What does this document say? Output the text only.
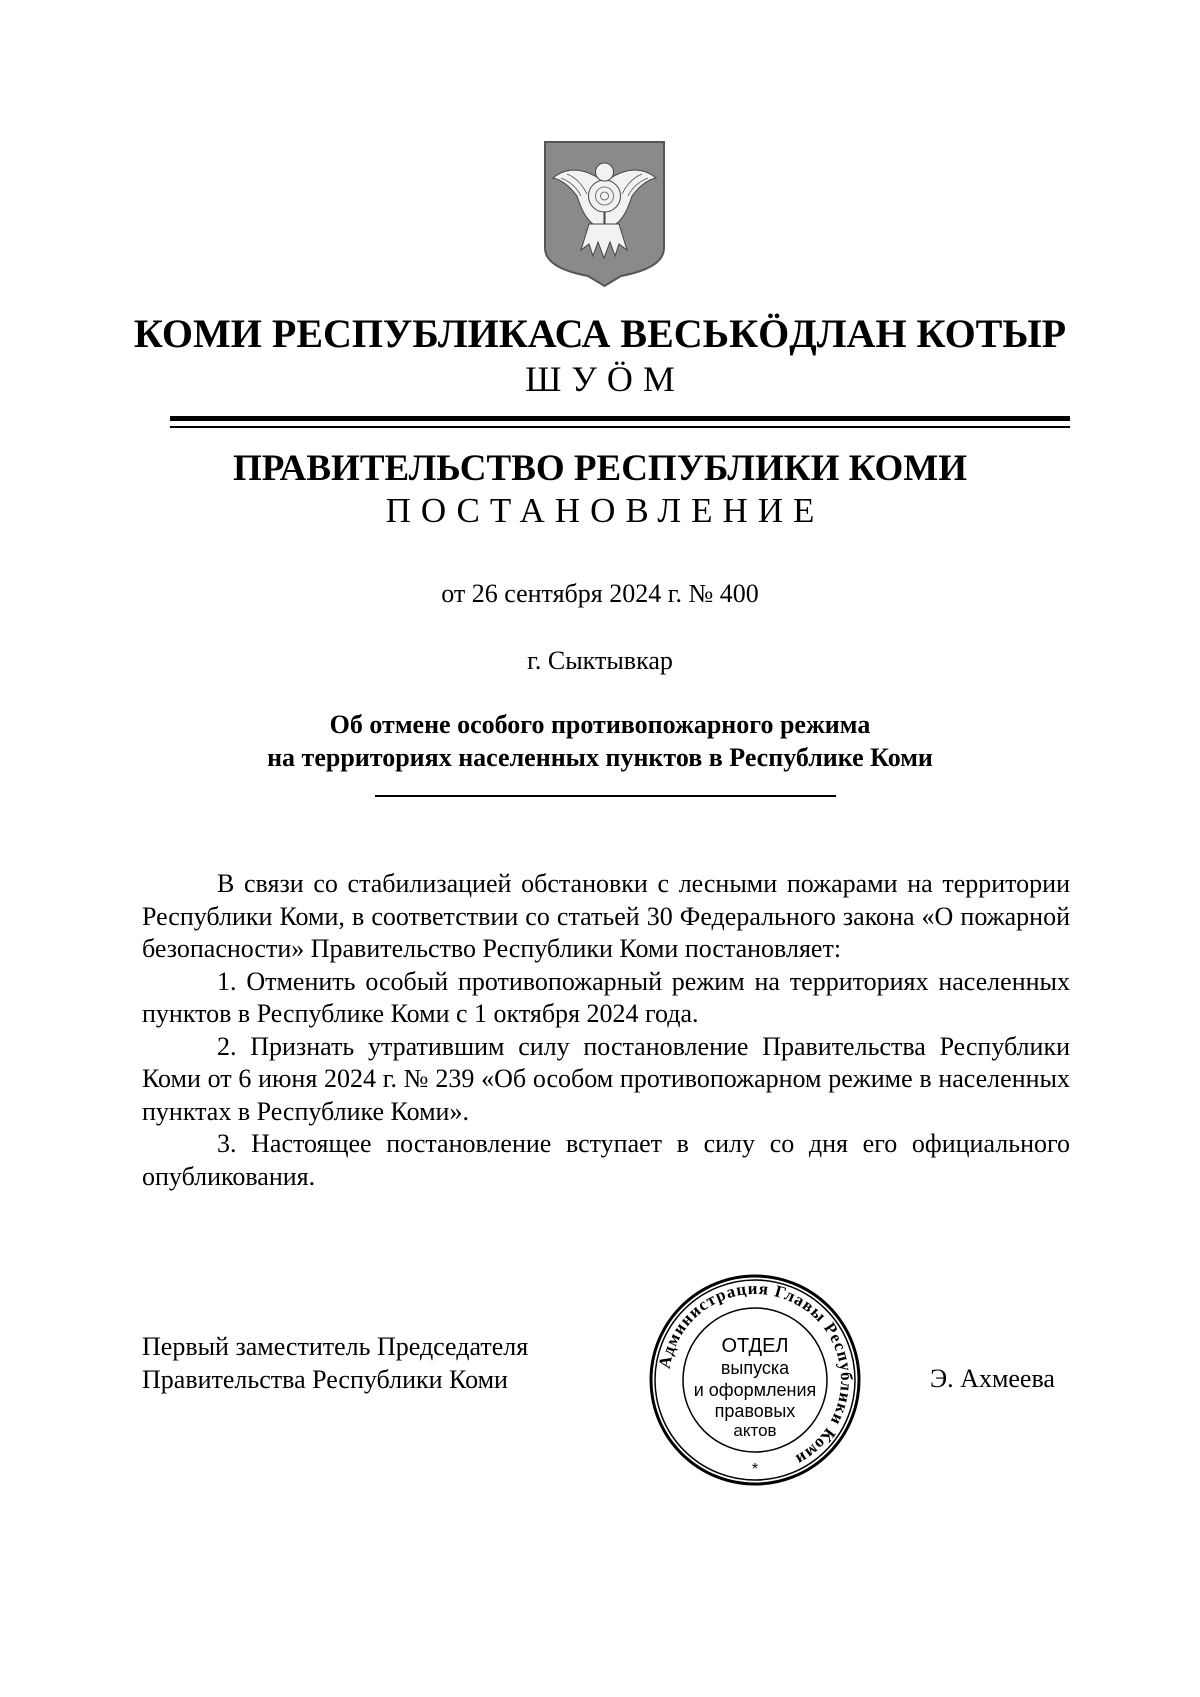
КОМИ РЕСПУБЛИКАСА ВЕСЬКӦДЛАН КОТЫР
ШУӦМ
ПРАВИТЕЛЬСТВО РЕСПУБЛИКИ КОМИ
ПОСТАНОВЛЕНИЕ
от 26 сентября 2024 г. № 400
г. Сыктывкар
Об отмене особого противопожарного режима
на территориях населенных пунктов в Республике Коми

В связи со стабилизацией обстановки с лесными пожарами на территории Республики Коми, в соответствии со статьей 30 Федерального закона «О пожарной безопасности» Правительство Республики Коми постановляет:

1. Отменить особый противопожарный режим на территориях населенных пунктов в Республике Коми с 1 октября 2024 года.

2. Признать утратившим силу постановление Правительства Республики Коми от 6 июня 2024 г. № 239 «Об особом противопожарном режиме в населенных пунктах в Республике Коми».

3. Настоящее постановление вступает в силу со дня его официального опубликования.

Первый заместитель Председателя
Правительства Республики Коми
Администрация Главы Республики Коми
ОТДЕЛ
выпуска
и оформления
правовых
актов
*
Э. Ахмеева
